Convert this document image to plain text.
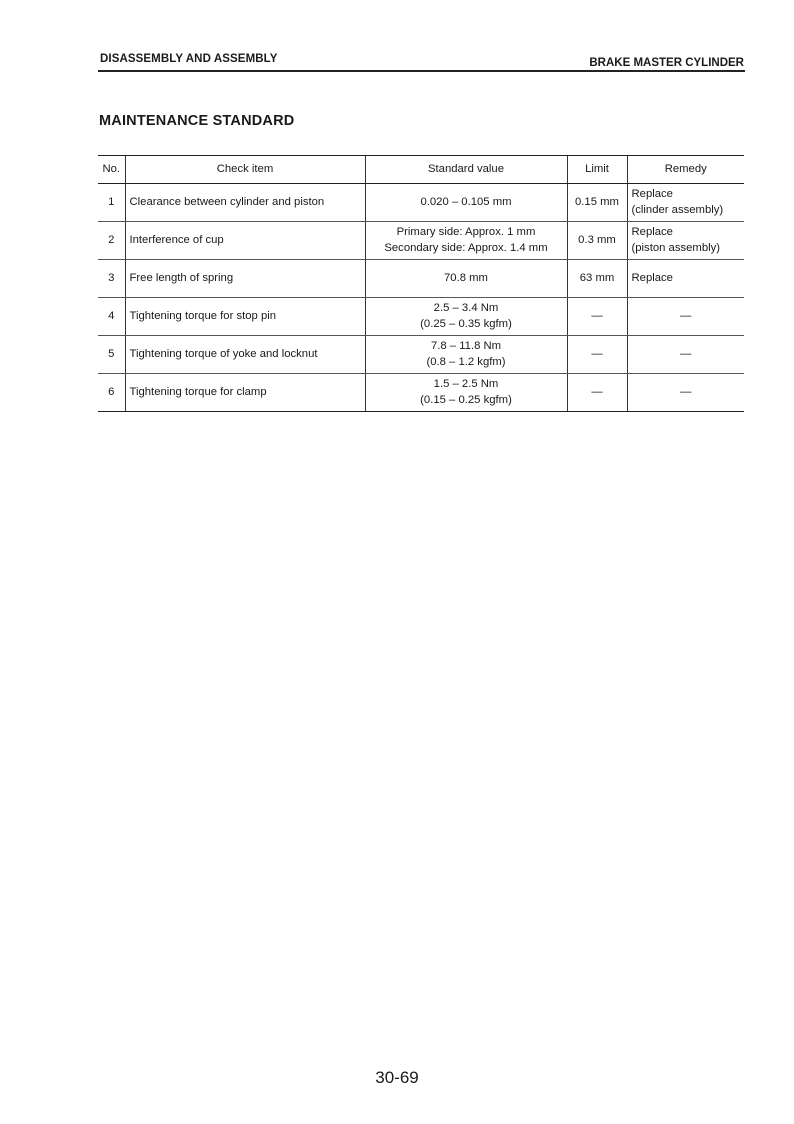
DISASSEMBLY AND ASSEMBLY	BRAKE MASTER CYLINDER
MAINTENANCE STANDARD
No.	Check item	Standard value	Limit	Remedy
1	Clearance between cylinder and piston	0.020 – 0.105 mm	0.15 mm	Replace
(clinder assembly)

2	Interference of cup	Primary side: Approx. 1 mm
Secondary side: Approx. 1.4 mm	0.3 mm	Replace
(piston assembly)

3	Free length of spring	70.8 mm	63 mm	Replace

4	Tightening torque for stop pin	2.5 – 3.4 Nm
(0.25 – 0.35 kgfm)	—	—

5	Tightening torque of yoke and locknut	7.8 – 11.8 Nm
(0.8 – 1.2 kgfm)	—	—

6	Tightening torque for clamp	1.5 – 2.5 Nm
(0.15 – 0.25 kgfm)	—	—
30-69
